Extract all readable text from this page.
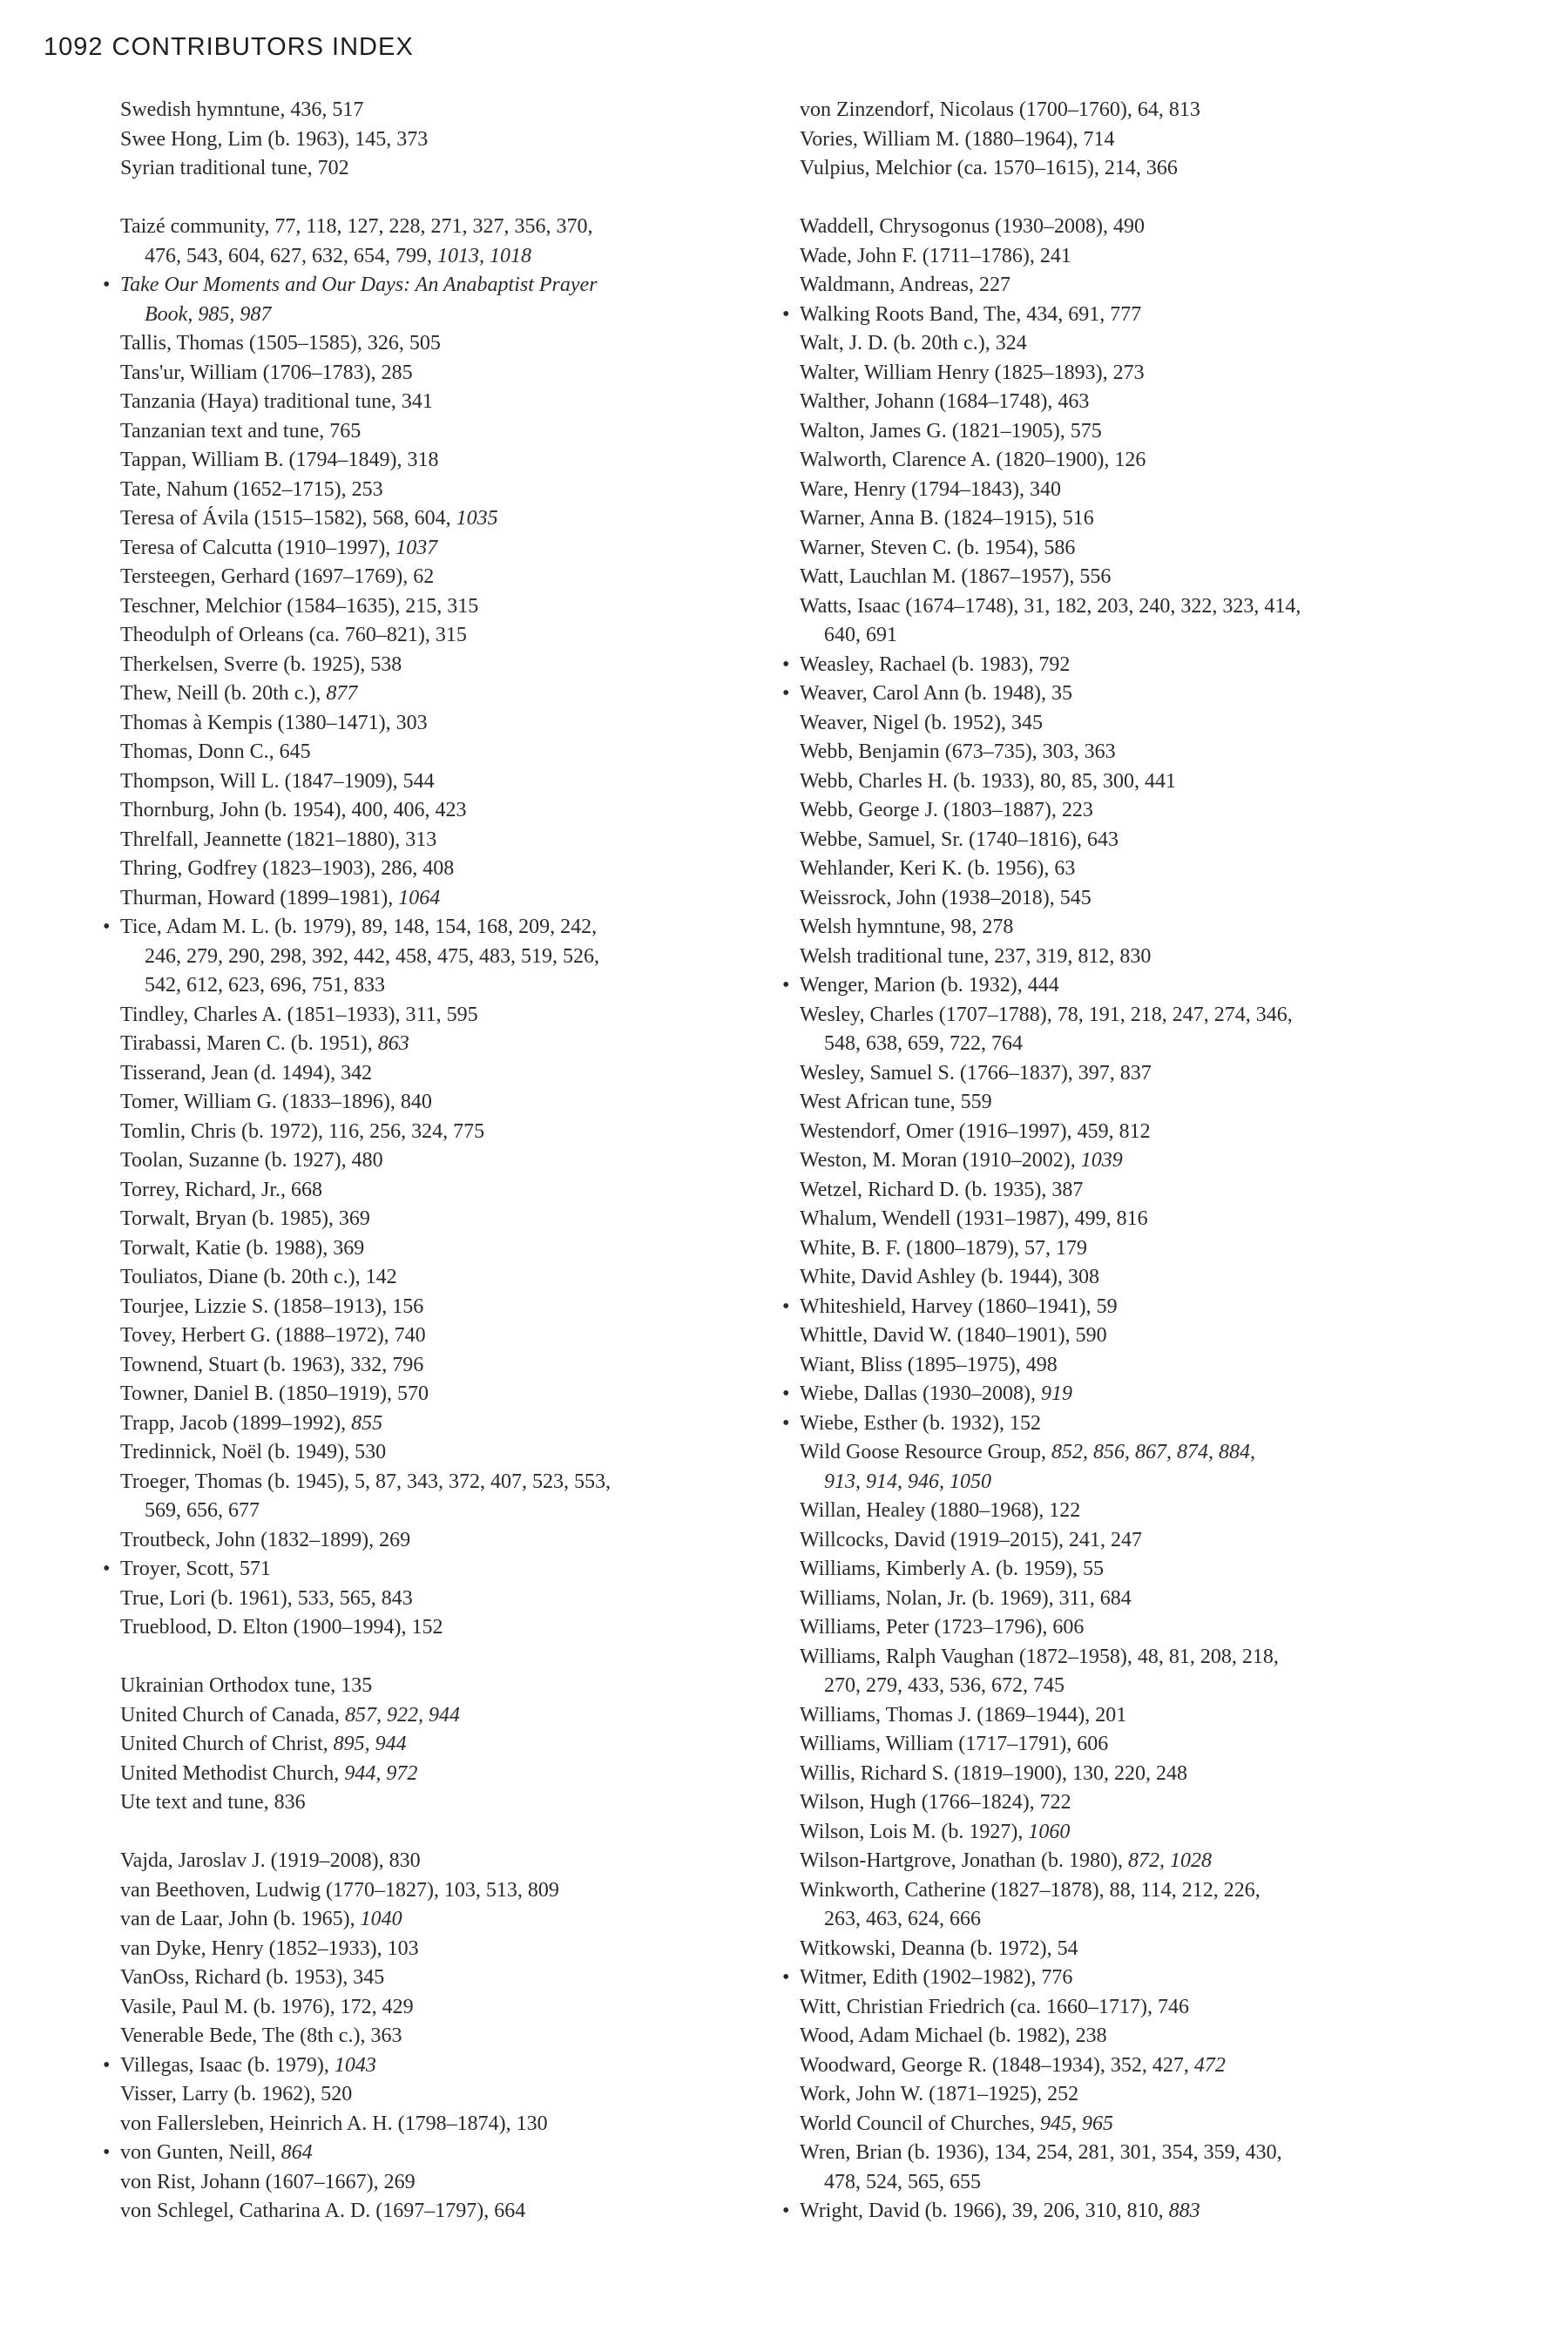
1092 CONTRIBUTORS INDEX
Swedish hymntune, 436, 517
Swee Hong, Lim (b. 1963), 145, 373
Syrian traditional tune, 702
Taizé community, 77, 118, 127, 228, 271, 327, 356, 370,
476, 543, 604, 627, 632, 654, 799, 1013, 1018
• Take Our Moments and Our Days: An Anabaptist Prayer
Book, 985, 987
Tallis, Thomas (1505–1585), 326, 505
Tans'ur, William (1706–1783), 285
Tanzania (Haya) traditional tune, 341
Tanzanian text and tune, 765
Tappan, William B. (1794–1849), 318
Tate, Nahum (1652–1715), 253
Teresa of Ávila (1515–1582), 568, 604, 1035
Teresa of Calcutta (1910–1997), 1037
Tersteegen, Gerhard (1697–1769), 62
Teschner, Melchior (1584–1635), 215, 315
Theodulph of Orleans (ca. 760–821), 315
Therkelsen, Sverre (b. 1925), 538
Thew, Neill (b. 20th c.), 877
Thomas à Kempis (1380–1471), 303
Thomas, Donn C., 645
Thompson, Will L. (1847–1909), 544
Thornburg, John (b. 1954), 400, 406, 423
Threlfall, Jeannette (1821–1880), 313
Thring, Godfrey (1823–1903), 286, 408
Thurman, Howard (1899–1981), 1064
• Tice, Adam M. L. (b. 1979), 89, 148, 154, 168, 209, 242,
246, 279, 290, 298, 392, 442, 458, 475, 483, 519, 526,
542, 612, 623, 696, 751, 833
Tindley, Charles A. (1851–1933), 311, 595
Tirabassi, Maren C. (b. 1951), 863
Tisserand, Jean (d. 1494), 342
Tomer, William G. (1833–1896), 840
Tomlin, Chris (b. 1972), 116, 256, 324, 775
Toolan, Suzanne (b. 1927), 480
Torrey, Richard, Jr., 668
Torwalt, Bryan (b. 1985), 369
Torwalt, Katie (b. 1988), 369
Touliatos, Diane (b. 20th c.), 142
Tourjee, Lizzie S. (1858–1913), 156
Tovey, Herbert G. (1888–1972), 740
Townend, Stuart (b. 1963), 332, 796
Towner, Daniel B. (1850–1919), 570
Trapp, Jacob (1899–1992), 855
Tredinnick, Noël (b. 1949), 530
Troeger, Thomas (b. 1945), 5, 87, 343, 372, 407, 523, 553,
569, 656, 677
Troutbeck, John (1832–1899), 269
• Troyer, Scott, 571
True, Lori (b. 1961), 533, 565, 843
Trueblood, D. Elton (1900–1994), 152
Ukrainian Orthodox tune, 135
United Church of Canada, 857, 922, 944
United Church of Christ, 895, 944
United Methodist Church, 944, 972
Ute text and tune, 836
Vajda, Jaroslav J. (1919–2008), 830
van Beethoven, Ludwig (1770–1827), 103, 513, 809
van de Laar, John (b. 1965), 1040
van Dyke, Henry (1852–1933), 103
VanOss, Richard (b. 1953), 345
Vasile, Paul M. (b. 1976), 172, 429
Venerable Bede, The (8th c.), 363
• Villegas, Isaac (b. 1979), 1043
Visser, Larry (b. 1962), 520
von Fallersleben, Heinrich A. H. (1798–1874), 130
• von Gunten, Neill, 864
von Rist, Johann (1607–1667), 269
von Schlegel, Catharina A. D. (1697–1797), 664
von Zinzendorf, Nicolaus (1700–1760), 64, 813
Vories, William M. (1880–1964), 714
Vulpius, Melchior (ca. 1570–1615), 214, 366
Waddell, Chrysogonus (1930–2008), 490
Wade, John F. (1711–1786), 241
Waldmann, Andreas, 227
• Walking Roots Band, The, 434, 691, 777
Walt, J. D. (b. 20th c.), 324
Walter, William Henry (1825–1893), 273
Walther, Johann (1684–1748), 463
Walton, James G. (1821–1905), 575
Walworth, Clarence A. (1820–1900), 126
Ware, Henry (1794–1843), 340
Warner, Anna B. (1824–1915), 516
Warner, Steven C. (b. 1954), 586
Watt, Lauchlan M. (1867–1957), 556
Watts, Isaac (1674–1748), 31, 182, 203, 240, 322, 323, 414,
640, 691
• Weasley, Rachael (b. 1983), 792
• Weaver, Carol Ann (b. 1948), 35
Weaver, Nigel (b. 1952), 345
Webb, Benjamin (673–735), 303, 363
Webb, Charles H. (b. 1933), 80, 85, 300, 441
Webb, George J. (1803–1887), 223
Webbe, Samuel, Sr. (1740–1816), 643
Wehlander, Keri K. (b. 1956), 63
Weissrock, John (1938–2018), 545
Welsh hymntune, 98, 278
Welsh traditional tune, 237, 319, 812, 830
• Wenger, Marion (b. 1932), 444
Wesley, Charles (1707–1788), 78, 191, 218, 247, 274, 346,
548, 638, 659, 722, 764
Wesley, Samuel S. (1766–1837), 397, 837
West African tune, 559
Westendorf, Omer (1916–1997), 459, 812
Weston, M. Moran (1910–2002), 1039
Wetzel, Richard D. (b. 1935), 387
Whalum, Wendell (1931–1987), 499, 816
White, B. F. (1800–1879), 57, 179
White, David Ashley (b. 1944), 308
• Whiteshield, Harvey (1860–1941), 59
Whittle, David W. (1840–1901), 590
Wiant, Bliss (1895–1975), 498
• Wiebe, Dallas (1930–2008), 919
• Wiebe, Esther (b. 1932), 152
Wild Goose Resource Group, 852, 856, 867, 874, 884,
913, 914, 946, 1050
Willan, Healey (1880–1968), 122
Willcocks, David (1919–2015), 241, 247
Williams, Kimberly A. (b. 1959), 55
Williams, Nolan, Jr. (b. 1969), 311, 684
Williams, Peter (1723–1796), 606
Williams, Ralph Vaughan (1872–1958), 48, 81, 208, 218,
270, 279, 433, 536, 672, 745
Williams, Thomas J. (1869–1944), 201
Williams, William (1717–1791), 606
Willis, Richard S. (1819–1900), 130, 220, 248
Wilson, Hugh (1766–1824), 722
Wilson, Lois M. (b. 1927), 1060
Wilson-Hartgrove, Jonathan (b. 1980), 872, 1028
Winkworth, Catherine (1827–1878), 88, 114, 212, 226,
263, 463, 624, 666
Witkowski, Deanna (b. 1972), 54
• Witmer, Edith (1902–1982), 776
Witt, Christian Friedrich (ca. 1660–1717), 746
Wood, Adam Michael (b. 1982), 238
Woodward, George R. (1848–1934), 352, 427, 472
Work, John W. (1871–1925), 252
World Council of Churches, 945, 965
Wren, Brian (b. 1936), 134, 254, 281, 301, 354, 359, 430,
478, 524, 565, 655
• Wright, David (b. 1966), 39, 206, 310, 810, 883
